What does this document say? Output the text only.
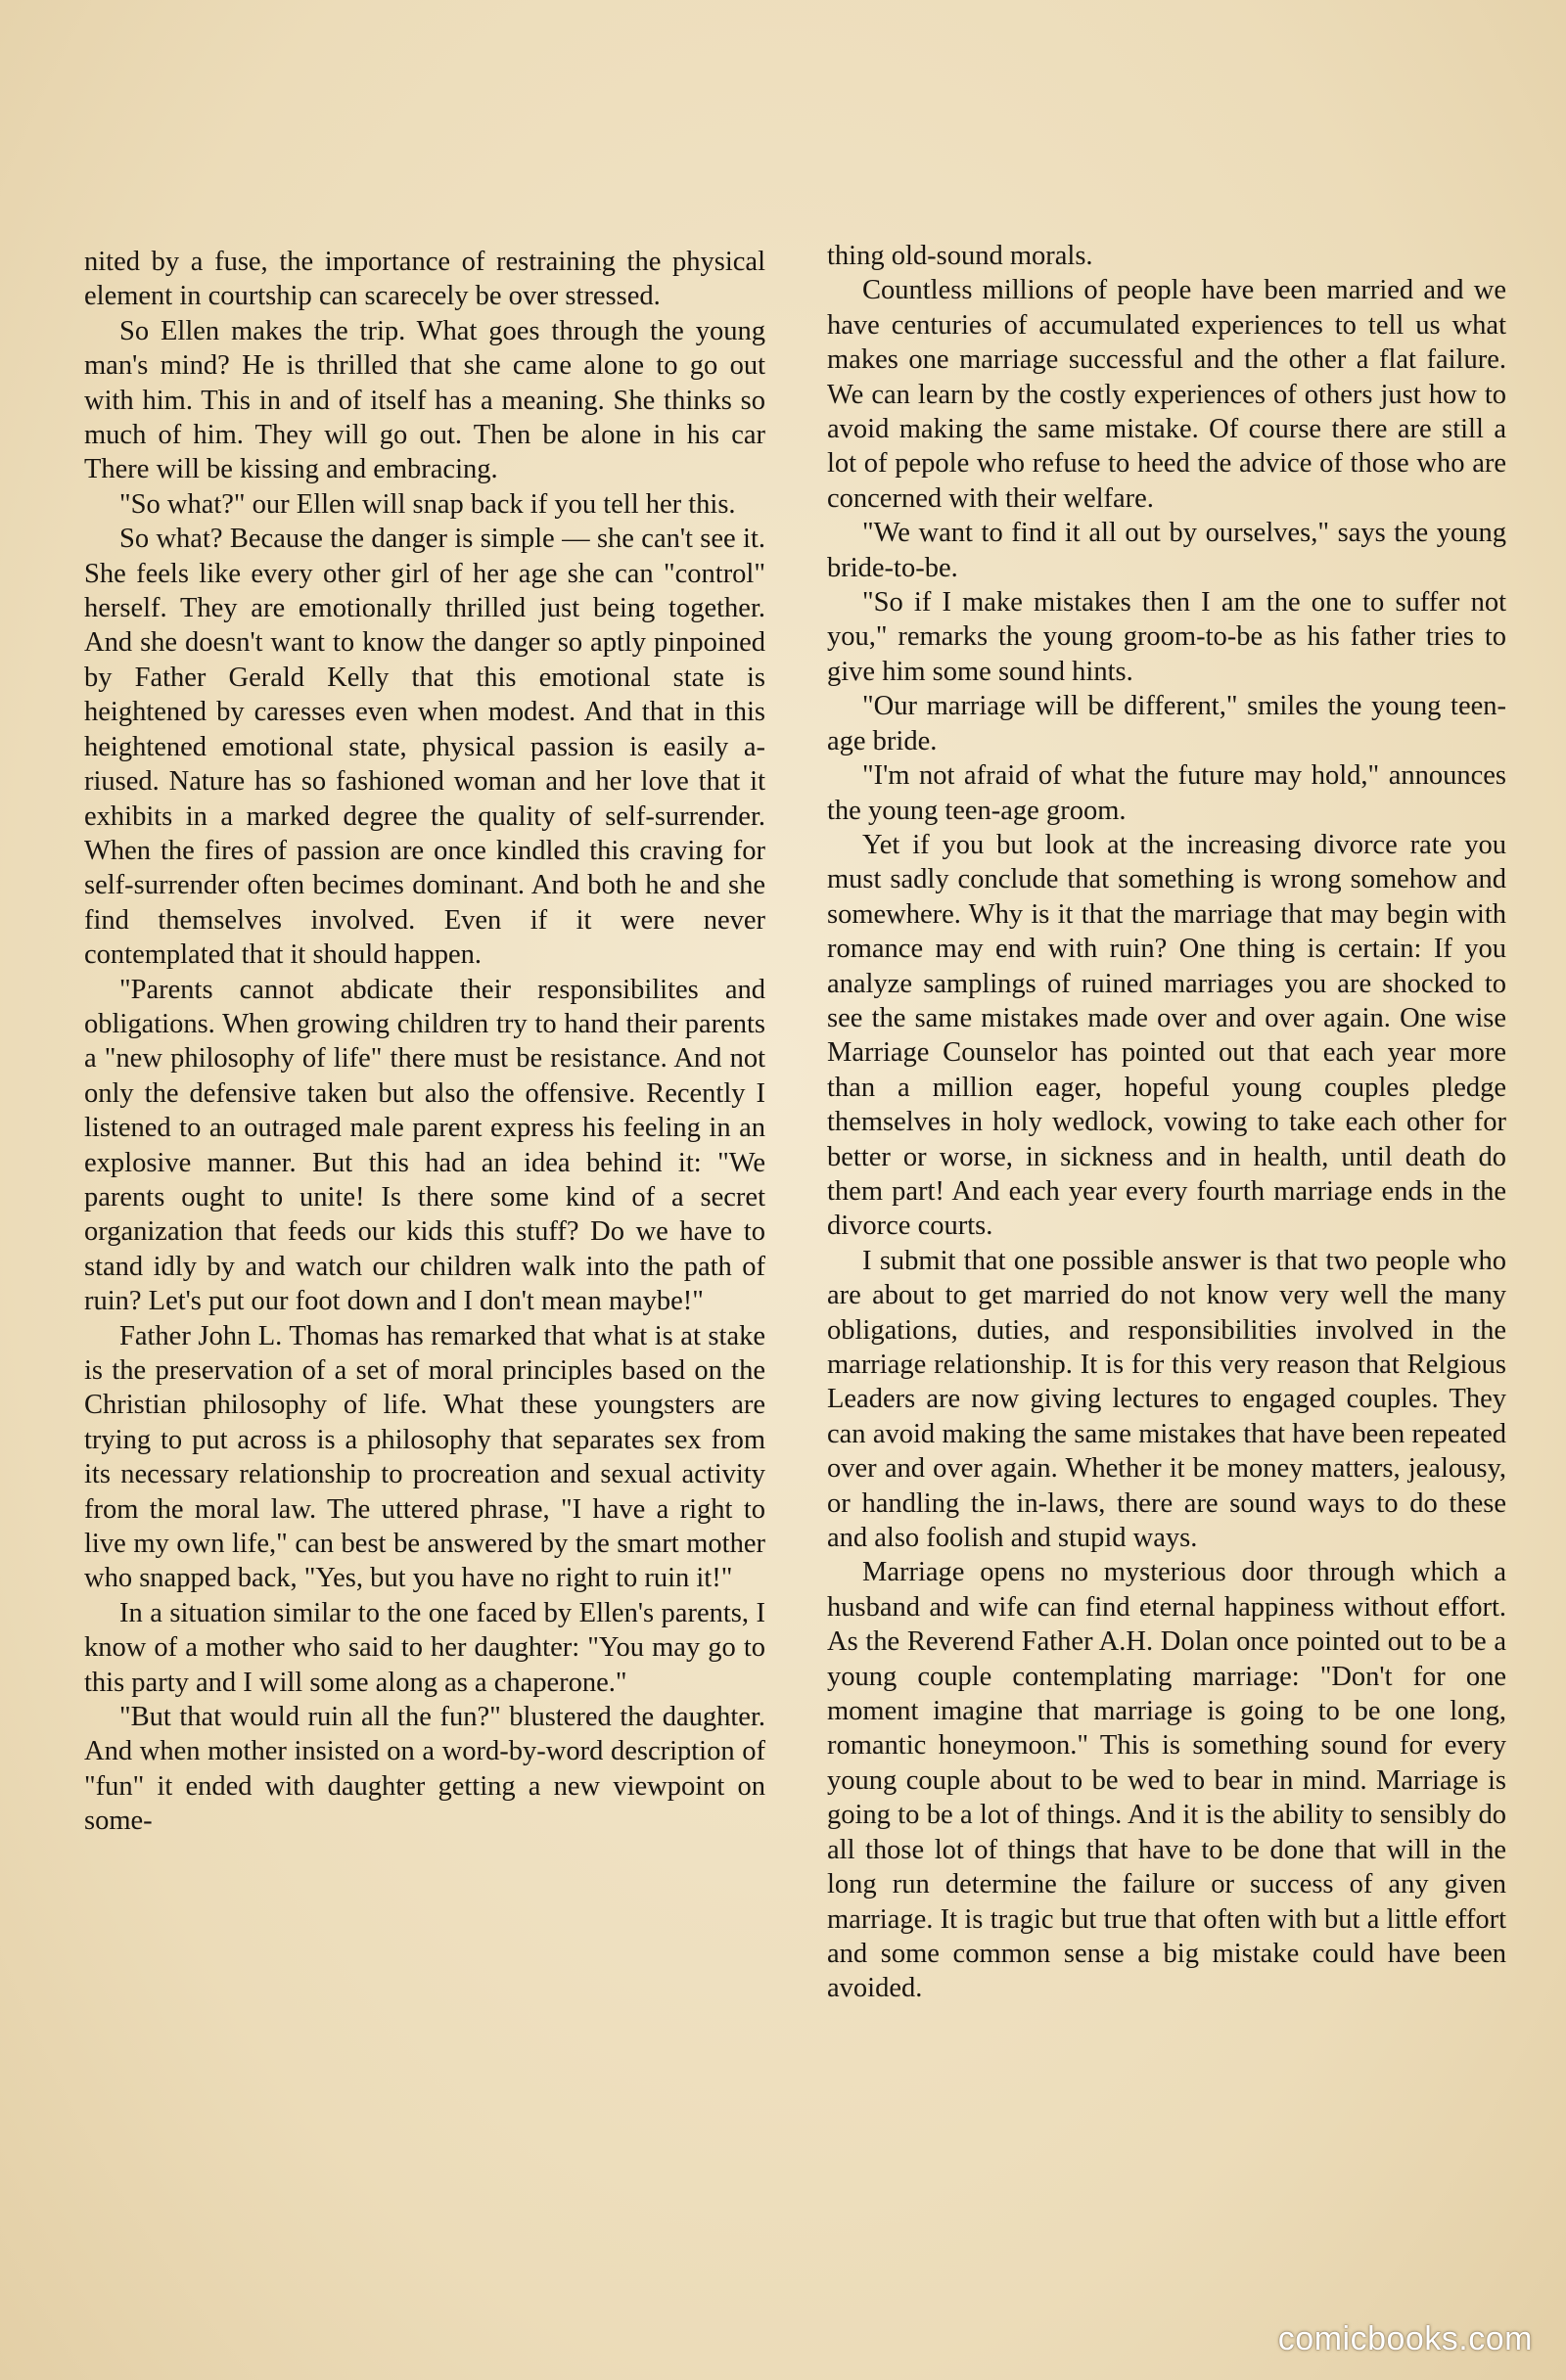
nited by a fuse, the importance of restraining the physical element in courtship can scarecely be over stressed.

So Ellen makes the trip. What goes through the young man's mind? He is thrilled that she came alone to go out with him. This in and of itself has a meaning. She thinks so much of him. They will go out. Then be alone in his car There will be kissing and embracing.

"So what?" our Ellen will snap back if you tell her this.

So what? Because the danger is simple — she can't see it. She feels like every other girl of her age she can "control" herself. They are emotionally thrilled just being together. And she doesn't want to know the danger so aptly pinpoined by Father Gerald Kelly that this emotional state is heightened by caresses even when modest. And that in this heightened emotional state, physical passion is easily a-riused. Nature has so fashioned woman and her love that it exhibits in a marked degree the quality of self-surrender. When the fires of passion are once kindled this craving for self-surrender often becimes dominant. And both he and she find themselves involved. Even if it were never contemplated that it should happen.

"Parents cannot abdicate their responsibilites and obligations. When growing children try to hand their parents a "new philosophy of life" there must be resistance. And not only the defensive taken but also the offensive. Recently I listened to an outraged male parent express his feeling in an explosive manner. But this had an idea behind it: "We parents ought to unite! Is there some kind of a secret organization that feeds our kids this stuff? Do we have to stand idly by and watch our children walk into the path of ruin? Let's put our foot down and I don't mean maybe!"

Father John L. Thomas has remarked that what is at stake is the preservation of a set of moral principles based on the Christian philosophy of life. What these youngsters are trying to put across is a philosophy that separates sex from its necessary relationship to procreation and sexual activity from the moral law. The uttered phrase, "I have a right to live my own life," can best be answered by the smart mother who snapped back, "Yes, but you have no right to ruin it!"

In a situation similar to the one faced by Ellen's parents, I know of a mother who said to her daughter: "You may go to this party and I will some along as a chaperone."

"But that would ruin all the fun?" blustered the daughter. And when mother insisted on a word-by-word description of "fun" it ended with daughter getting a new viewpoint on some-

thing old-sound morals.

Countless millions of people have been married and we have centuries of accumulated experiences to tell us what makes one marriage successful and the other a flat failure. We can learn by the costly experiences of others just how to avoid making the same mistake. Of course there are still a lot of pepole who refuse to heed the advice of those who are concerned with their welfare.

"We want to find it all out by ourselves," says the young bride-to-be.

"So if I make mistakes then I am the one to suffer not you," remarks the young groom-to-be as his father tries to give him some sound hints.

"Our marriage will be different," smiles the young teen-age bride.

"I'm not afraid of what the future may hold," announces the young teen-age groom.

Yet if you but look at the increasing divorce rate you must sadly conclude that something is wrong somehow and somewhere. Why is it that the marriage that may begin with romance may end with ruin? One thing is certain: If you analyze samplings of ruined marriages you are shocked to see the same mistakes made over and over again. One wise Marriage Counselor has pointed out that each year more than a million eager, hopeful young couples pledge themselves in holy wedlock, vowing to take each other for better or worse, in sickness and in health, until death do them part! And each year every fourth marriage ends in the divorce courts.

I submit that one possible answer is that two people who are about to get married do not know very well the many obligations, duties, and responsibilities involved in the marriage relationship. It is for this very reason that Relgious Leaders are now giving lectures to engaged couples. They can avoid making the same mistakes that have been repeated over and over again. Whether it be money matters, jealousy, or handling the in-laws, there are sound ways to do these and also foolish and stupid ways.

Marriage opens no mysterious door through which a husband and wife can find eternal happiness without effort. As the Reverend Father A.H. Dolan once pointed out to be a young couple contemplating marriage: "Don't for one moment imagine that marriage is going to be one long, romantic honeymoon." This is something sound for every young couple about to be wed to bear in mind. Marriage is going to be a lot of things. And it is the ability to sensibly do all those lot of things that have to be done that will in the long run determine the failure or success of any given marriage. It is tragic but true that often with but a little effort and some common sense a big mistake could have been avoided.

comicbooks.com
